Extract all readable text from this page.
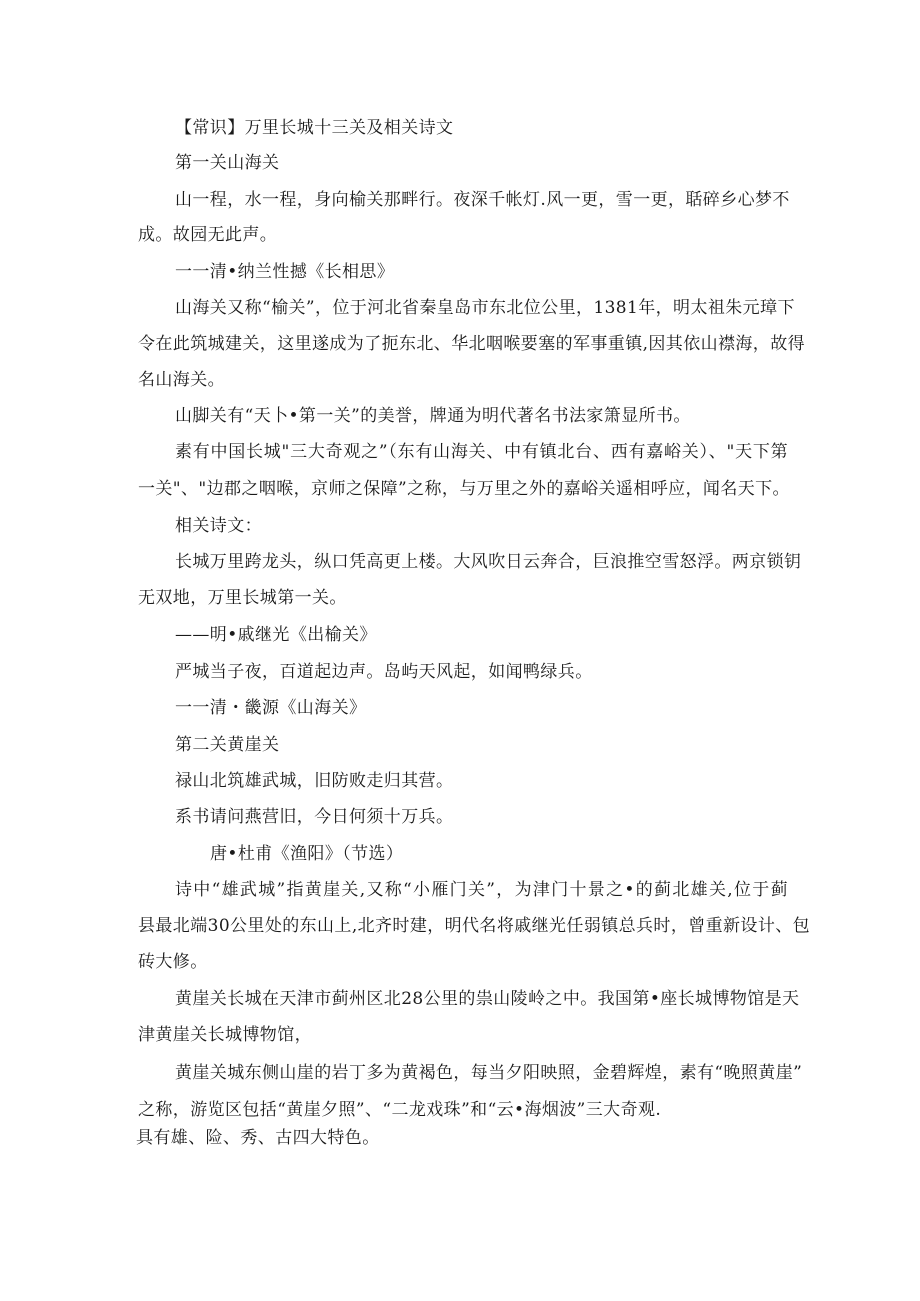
【常识】万里长城十三关及相关诗文
第一关山海关
山一程，水一程，身向榆关那畔行。夜深千帐灯.风一更，雪一更，聒碎乡心梦不
成。故园无此声。
一一清•纳兰性撼《长相思》
山海关又称“榆关”，位于河北省秦皇岛市东北位公里，1381年，明太祖朱元璋下
令在此筑城建关，这里遂成为了扼东北、华北咽喉要塞的军事重镇,因其依山襟海，故得
名山海关。
山脚关有“天卜•第一关”的美誉，牌通为明代著名书法家箫显所书。
素有中国长城"三大奇观之”（东有山海关、中有镇北台、西有嘉峪关）、"天下第
一关"、"边郡之咽喉，京师之保障”之称，与万里之外的嘉峪关遥相呼应，闻名天下。
相关诗文：
长城万里跨龙头，纵口凭高更上楼。大风吹日云奔合，巨浪推空雪怒浮。两京锁钥
无双地，万里长城第一关。
——明•戚继光《出榆关》
严城当子夜，百道起边声。岛屿天风起，如闻鸭绿兵。
一一清・畿源《山海关》
第二关黄崖关
禄山北筑雄武城，旧防败走归其营。
系书请问燕营旧，今日何须十万兵。
唐•杜甫《渔阳》（节选）
诗中“雄武城”指黄崖关,又称“小雁门关”，为津门十景之•的蓟北雄关,位于蓟
县最北端30公里处的东山上,北齐时建，明代名将戚继光任弱镇总兵时，曾重新设计、包
砖大修。
黄崖关长城在天津市蓟州区北28公里的祟山陵岭之中。我国第•座长城博物馆是天
津黄崖关长城博物馆，
黄崖关城东侧山崖的岩丁多为黄褐色，每当夕阳映照，金碧辉煌，素有“晚照黄崖”
之称，游览区包括“黄崖夕照”、“二龙戏珠”和“云•海烟波”三大奇观.
具有雄、险、秀、古四大特色。
